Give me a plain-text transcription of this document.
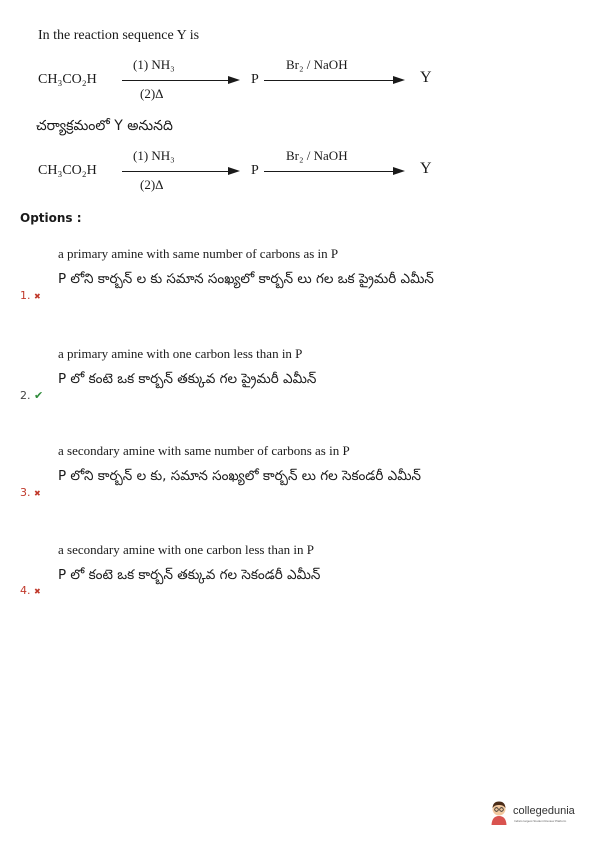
In the reaction sequence Y is
CH₃CO₂H
(1) NH₃
(2)Δ
P
Br₂ / NaOH
Y
చర్యాక్రమంలో Y అనునది
CH₃CO₂H
(1) NH₃
(2)Δ
P
Br₂ / NaOH
Y
Options :
a primary amine with same number of carbons as in P
P లోని కార్బన్ ల కు సమాన సంఖ్యలో కార్బన్ లు గల ఒక ప్రైమరీ ఎమీన్
1. ✖
a primary amine with one carbon less than in P
P లో కంటె ఒక కార్బన్ తక్కువ గల ప్రైమరీ ఎమీన్
2. ✔
a secondary amine with same number of carbons as in P
P లోని కార్బన్ ల కు, సమాన సంఖ్యలో కార్బన్ లు గల సెకండరీ ఎమీన్
3. ✖
a secondary amine with one carbon less than in P
P లో కంటె ఒక కార్బన్ తక్కువ గల సెకండరీ ఎమీన్
4. ✖
collegedunia
India's largest Student Review Platform
